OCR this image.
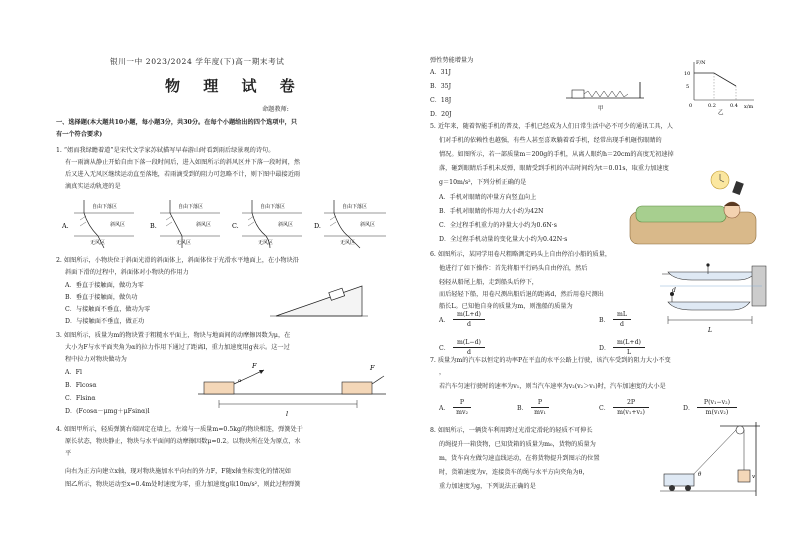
银川一中 2023/2024 学年度(下)高一期末考试
物 理 试 卷
命题教师:
一、选择题(本大题共10小题，每小题3分，共30分。在每个小题给出的四个选项中，只
有一个符合要求)
1. “姐而我绿瞻着道”是宋代文学家苏轼描写早春游山时看到雨后绿景观的诗句。
有一雨滴从静止开始自由下落一段时间后，进入如图所示的斜风区并下落一段时间，然
后又进入无风区继续运动直至落地，若雨滴受到的阻力可忽略不计，则下图中最接近雨
滴真实运动轨迹的是
A.
自由下落区
斜风区
无风区
B.
自由下落区
斜风区
无风区
C.
自由下落区
斜风区
无风区
D.
自由下落区
斜风区
无风区
2. 如图所示，小物块位于斜面光滑的斜面体上，斜面体位于光滑水平地面上，在小物块沿
斜面下滑的过程中，斜面体对小物块的作用力
A．垂直于接触面，做功为零
B．垂直于接触面，做负功
C．与接触面不垂直，做功为零
D．与接触面不垂直，做正功
3. 如图所示，质量为m的物块置于粗糙水平面上，物块与地面间的动摩擦因数为μ，在
大小为F与水平面夹角为α的拉力作用下通过了距离l，重力加速度用g表示。这一过
程中拉力对物块做功为
A．Fl
B．Flcosα
C．Flsinα
D．(Fcosα－μmg＋μFsinα)l
F
α
F
l
4. 如图甲所示，轻质弹簧右端固定在墙上，左端与一质量m=0.5kg的物块相连，弹簧处于
原长状态，物块静止，物块与水平面间的动摩擦因数μ=0.2。以物块所在处为原点，水
平
向右为正方向建立x轴，现对物块施加水平向右的外力F，F随x轴坐标变化的情况如
图乙所示，物块运动至x=0.4m处时速度为零，重力加速度g取10m/s²，则此过程弹簧
弹性势能增量为
A．31J
B．35J
C．18J
D．20J
甲
F/N
x/m
10
5
0	0.2	0.4
乙
5. 近年来，随着智能手机的普及，手机已经成为人们日常生活中必不可少的通讯工具，人
们对手机的依赖性也越强，有些人甚至喜欢躺着看手机，经常出现手机砸伤眼睛的
情况。如图所示，若一部质量m＝200g的手机，从离人眼约h＝20cm的高度无初速掉
落，砸到眼睛后手机未反弹，眼睛受到手机的冲击时间约为t＝0.01s，取重力加速度
g＝10m/s²，下列分析正确的是
A．手机对眼睛的冲量方向竖直向上
B．手机对眼睛的作用力大小约为42N
C．全过程手机重力的冲量大小约为0.6N·s
D．全过程手机动量的变化量大小约为0.42N·s
6. 如图所示，某同学用卷尺粗略测定码头上自由停泊小船的质量，
他进行了如下操作：首先将船平行码头自由停泊，然后
轻轻从船尾上船，走到船头后停下，
而后轻轻下船，用卷尺测出船后退的距离d，然后用卷尺测出
船长L。已知他自身的质量为m，则渔船的质量为
A． $\frac{m(L+d)}{d}$	B． $\frac{mL}{d}$
C． $\frac{m(L-d)}{d}$	D． $\frac{m(L+d)}{L}$
L
d
7. 质量为m的汽车以恒定的功率P在平直的水平公路上行驶，该汽车受到的阻力大小不变
，
若汽车匀速行驶时的速率为v₁，则当汽车速率为v₂(v₂＞v₁)时，汽车加速度的大小是
A． $\frac{P}{\text{mv₂}}$	B． $\frac{P}{\text{mv₁}}$	C． $\frac{2P}{\text{m(v₁+v₂)}}$	D． $\frac{\text{P(v₁−v₂)}}{\text{m(v₁v₂)}}$
8. 如图所示，一辆货车利用跨过光滑定滑轮的轻质不可伸长
的绳提升一箱货物，已知货箱的质量为m₀，货物的质量为
m，货车向左做匀速直线运动，在将货物提升到图示的位置
时，货箱速度为v，连接货车的绳与水平方向夹角为θ，
重力加速度为g，下列说法正确的是
v
θ
